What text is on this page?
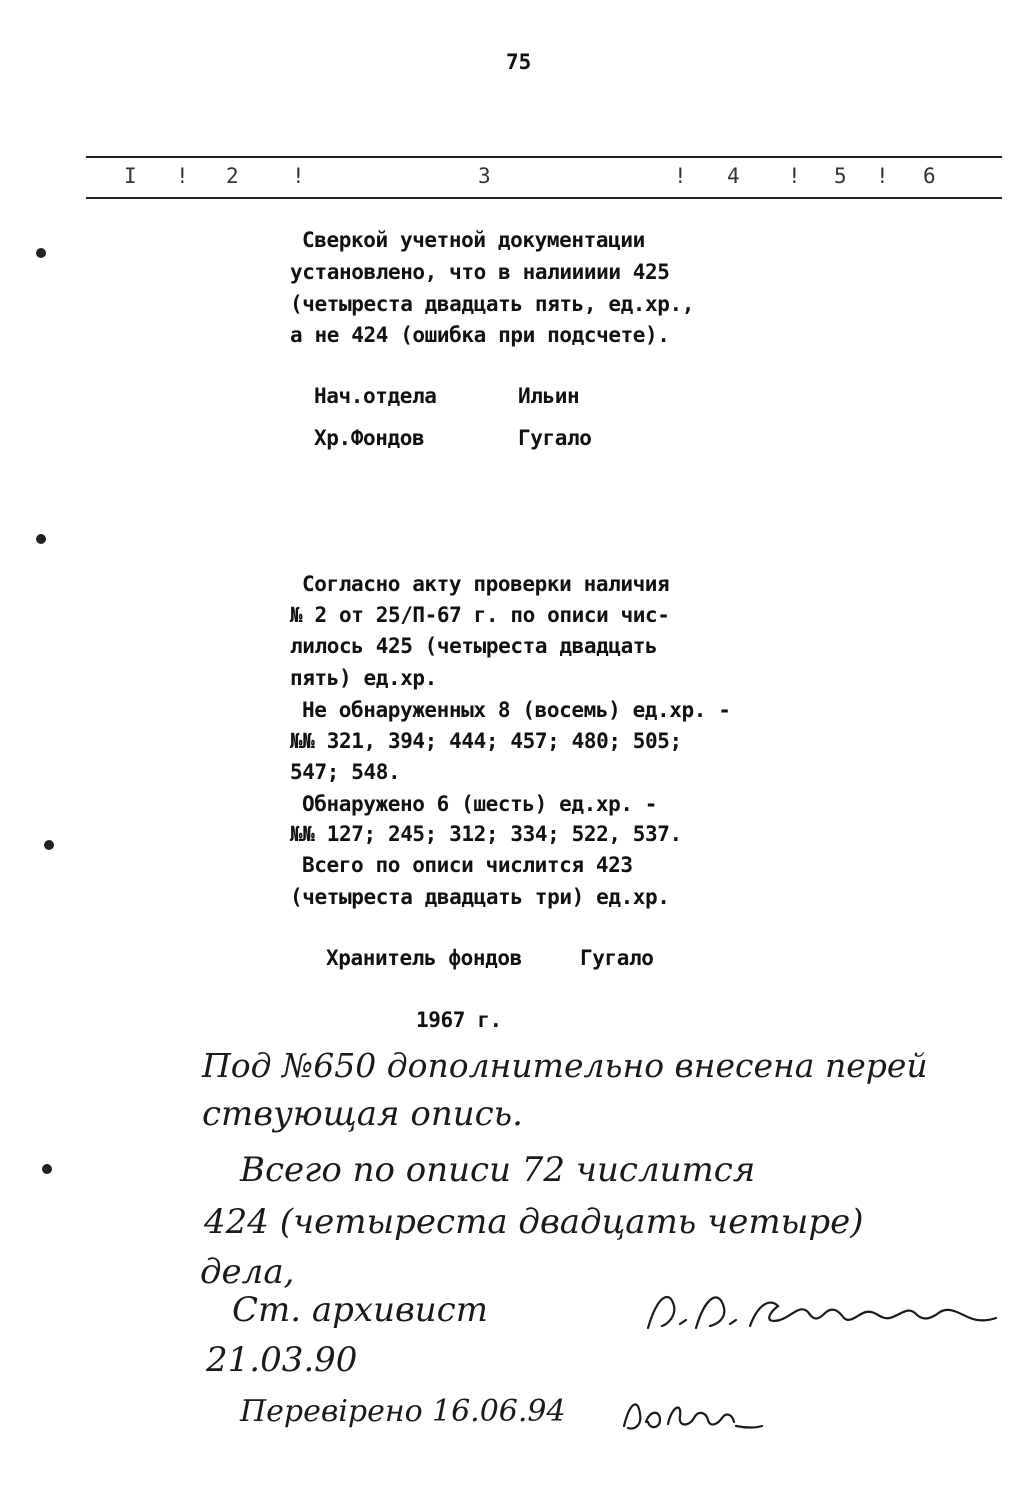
75
I ! 2	!	3	! 4 ! 5 ! 6
Сверкой учетной документации
установлено, что в налиииии 425
(четыреста двадцать пять, ед.хр.,
а не 424 (ошибка при подсчете).
Нач.отдела	Ильин
Хр.Фондов	Гугало
Согласно акту проверки наличия
№ 2 от 25/П-67 г. по описи чис-
лилось 425 (четыреста двадцать
пять) ед.хр.
Не обнаруженных 8 (восемь) ед.хр. -
№№ 321, 394; 444; 457; 480; 505;
547; 548.
Обнаружено 6 (шесть) ед.хр. -
№№ 127; 245; 312; 334; 522, 537.
Всего по описи числится 423
(четыреста двадцать три) ед.хр.
Хранитель фондов	Гугало
1967 г.
Под №650 дополнительно внесена перей
ствующая опись.
Всего по описи 72 числится
424 (четыреста двадцать четыре)
дела,
Ст. архивист
21.03.90
Перевірено 16.06.94
